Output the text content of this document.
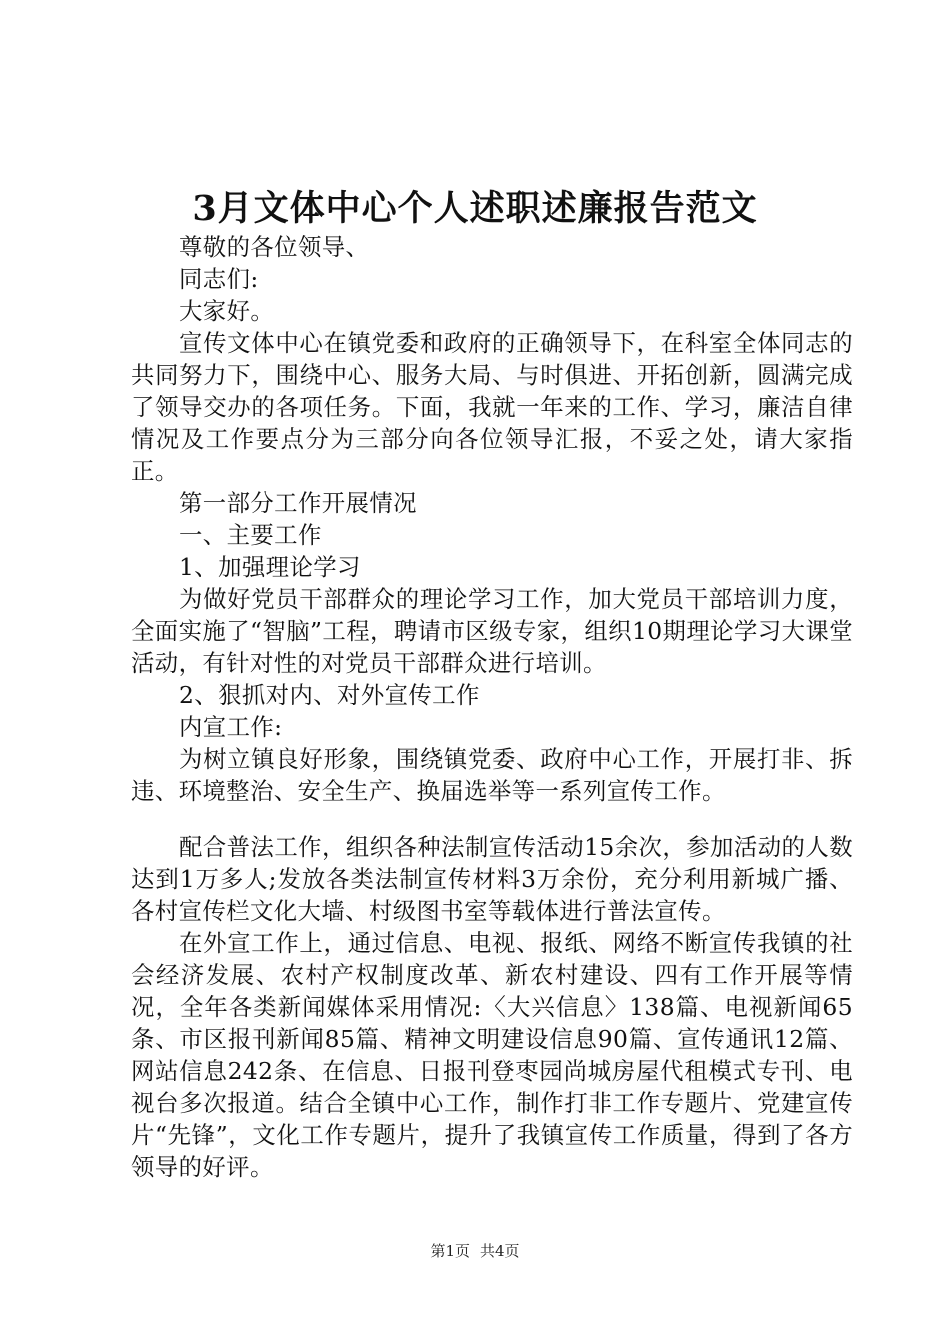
3月文体中心个人述职述廉报告范文

尊敬的各位领导、

同志们:

大家好。

宣传文体中心在镇党委和政府的正确领导下，在科室全体同志的共同努力下，围绕中心、服务大局、与时俱进、开拓创新，圆满完成了领导交办的各项任务。下面，我就一年来的工作、学习，廉洁自律情况及工作要点分为三部分向各位领导汇报，不妥之处，请大家指正。

第一部分工作开展情况

一、主要工作

1、加强理论学习

为做好党员干部群众的理论学习工作，加大党员干部培训力度，全面实施了“智脑”工程，聘请市区级专家，组织10期理论学习大课堂活动，有针对性的对党员干部群众进行培训。

2、狠抓对内、对外宣传工作

内宣工作:

为树立镇良好形象，围绕镇党委、政府中心工作，开展打非、拆违、环境整治、安全生产、换届选举等一系列宣传工作。

配合普法工作，组织各种法制宣传活动15余次，参加活动的人数达到1万多人;发放各类法制宣传材料3万余份，充分利用新城广播、各村宣传栏文化大墙、村级图书室等载体进行普法宣传。

在外宣工作上，通过信息、电视、报纸、网络不断宣传我镇的社会经济发展、农村产权制度改革、新农村建设、四有工作开展等情况，全年各类新闻媒体采用情况:〈大兴信息〉138篇、电视新闻65条、市区报刊新闻85篇、精神文明建设信息90篇、宣传通讯12篇、网站信息242条、在信息、日报刊登枣园尚城房屋代租模式专刊、电视台多次报道。结合全镇中心工作，制作打非工作专题片、党建宣传片“先锋”，文化工作专题片，提升了我镇宣传工作质量，得到了各方领导的好评。

第1页 共4页
